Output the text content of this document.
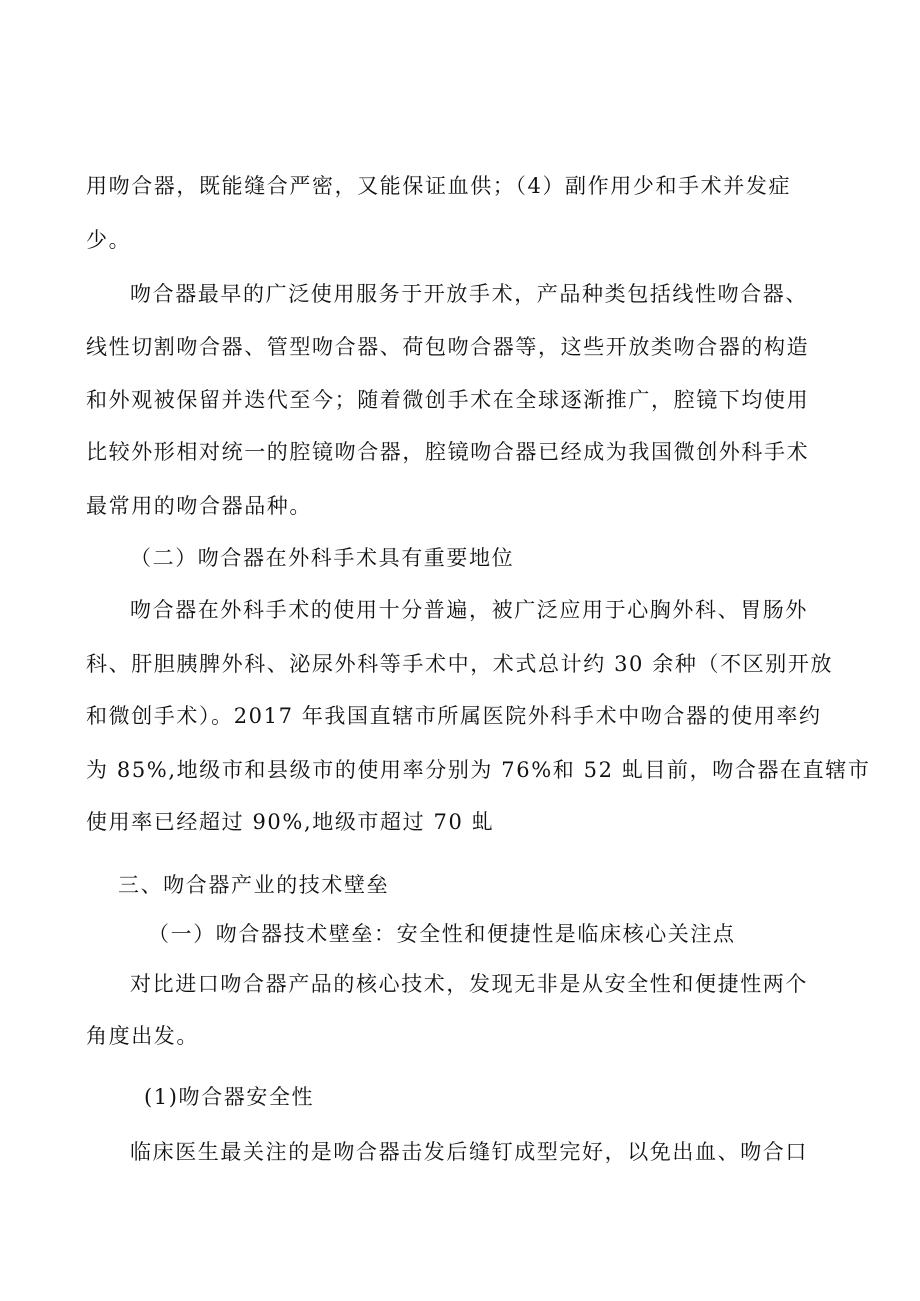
用吻合器，既能缝合严密，又能保证血供；（4）副作用少和手术并发症
少。
吻合器最早的广泛使用服务于开放手术，产品种类包括线性吻合器、
线性切割吻合器、管型吻合器、荷包吻合器等，这些开放类吻合器的构造
和外观被保留并迭代至今；随着微创手术在全球逐渐推广，腔镜下均使用
比较外形相对统一的腔镜吻合器，腔镜吻合器已经成为我国微创外科手术
最常用的吻合器品种。
（二）吻合器在外科手术具有重要地位
吻合器在外科手术的使用十分普遍，被广泛应用于心胸外科、胃肠外
科、肝胆胰脾外科、泌尿外科等手术中，术式总计约 30 余种（不区别开放
和微创手术）。2017 年我国直辖市所属医院外科手术中吻合器的使用率约
为 85%,地级市和县级市的使用率分别为 76%和 52 虬目前，吻合器在直辖市
使用率已经超过 90%,地级市超过 70 虬
三、吻合器产业的技术壁垒
（一）吻合器技术壁垒：安全性和便捷性是临床核心关注点
对比进口吻合器产品的核心技术，发现无非是从安全性和便捷性两个
角度出发。
(1)吻合器安全性
临床医生最关注的是吻合器击发后缝钉成型完好，以免出血、吻合口
